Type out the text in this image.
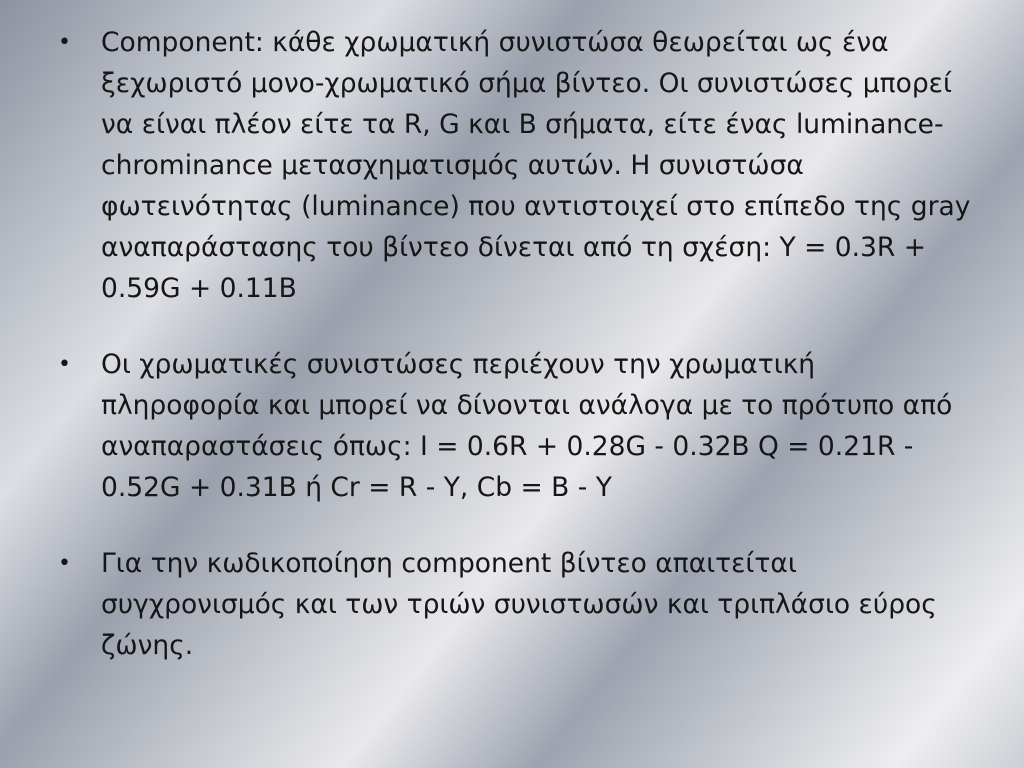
• Component: κάθε χρωματική συνιστώσα θεωρείται ως ένα ξεχωριστό μονο-χρωματικό σήμα βίντεο. Οι συνιστώσες μπορεί να είναι πλέον είτε τα R, G και B σήματα, είτε ένας luminance-chrominance μετασχηματισμός αυτών. Η συνιστώσα φωτεινότητας (luminance) που αντιστοιχεί στο επίπεδο της gray αναπαράστασης του βίντεο δίνεται από τη σχέση: Y = 0.3R + 0.59G + 0.11B
• Οι χρωματικές συνιστώσες περιέχουν την χρωματική πληροφορία και μπορεί να δίνονται ανάλογα με το πρότυπο από αναπαραστάσεις όπως: I = 0.6R + 0.28G - 0.32B Q = 0.21R - 0.52G + 0.31B ή Cr = R - Y, Cb = B - Y
• Για την κωδικοποίηση component βίντεο απαιτείται συγχρονισμός και των τριών συνιστωσών και τριπλάσιο εύρος ζώνης.
